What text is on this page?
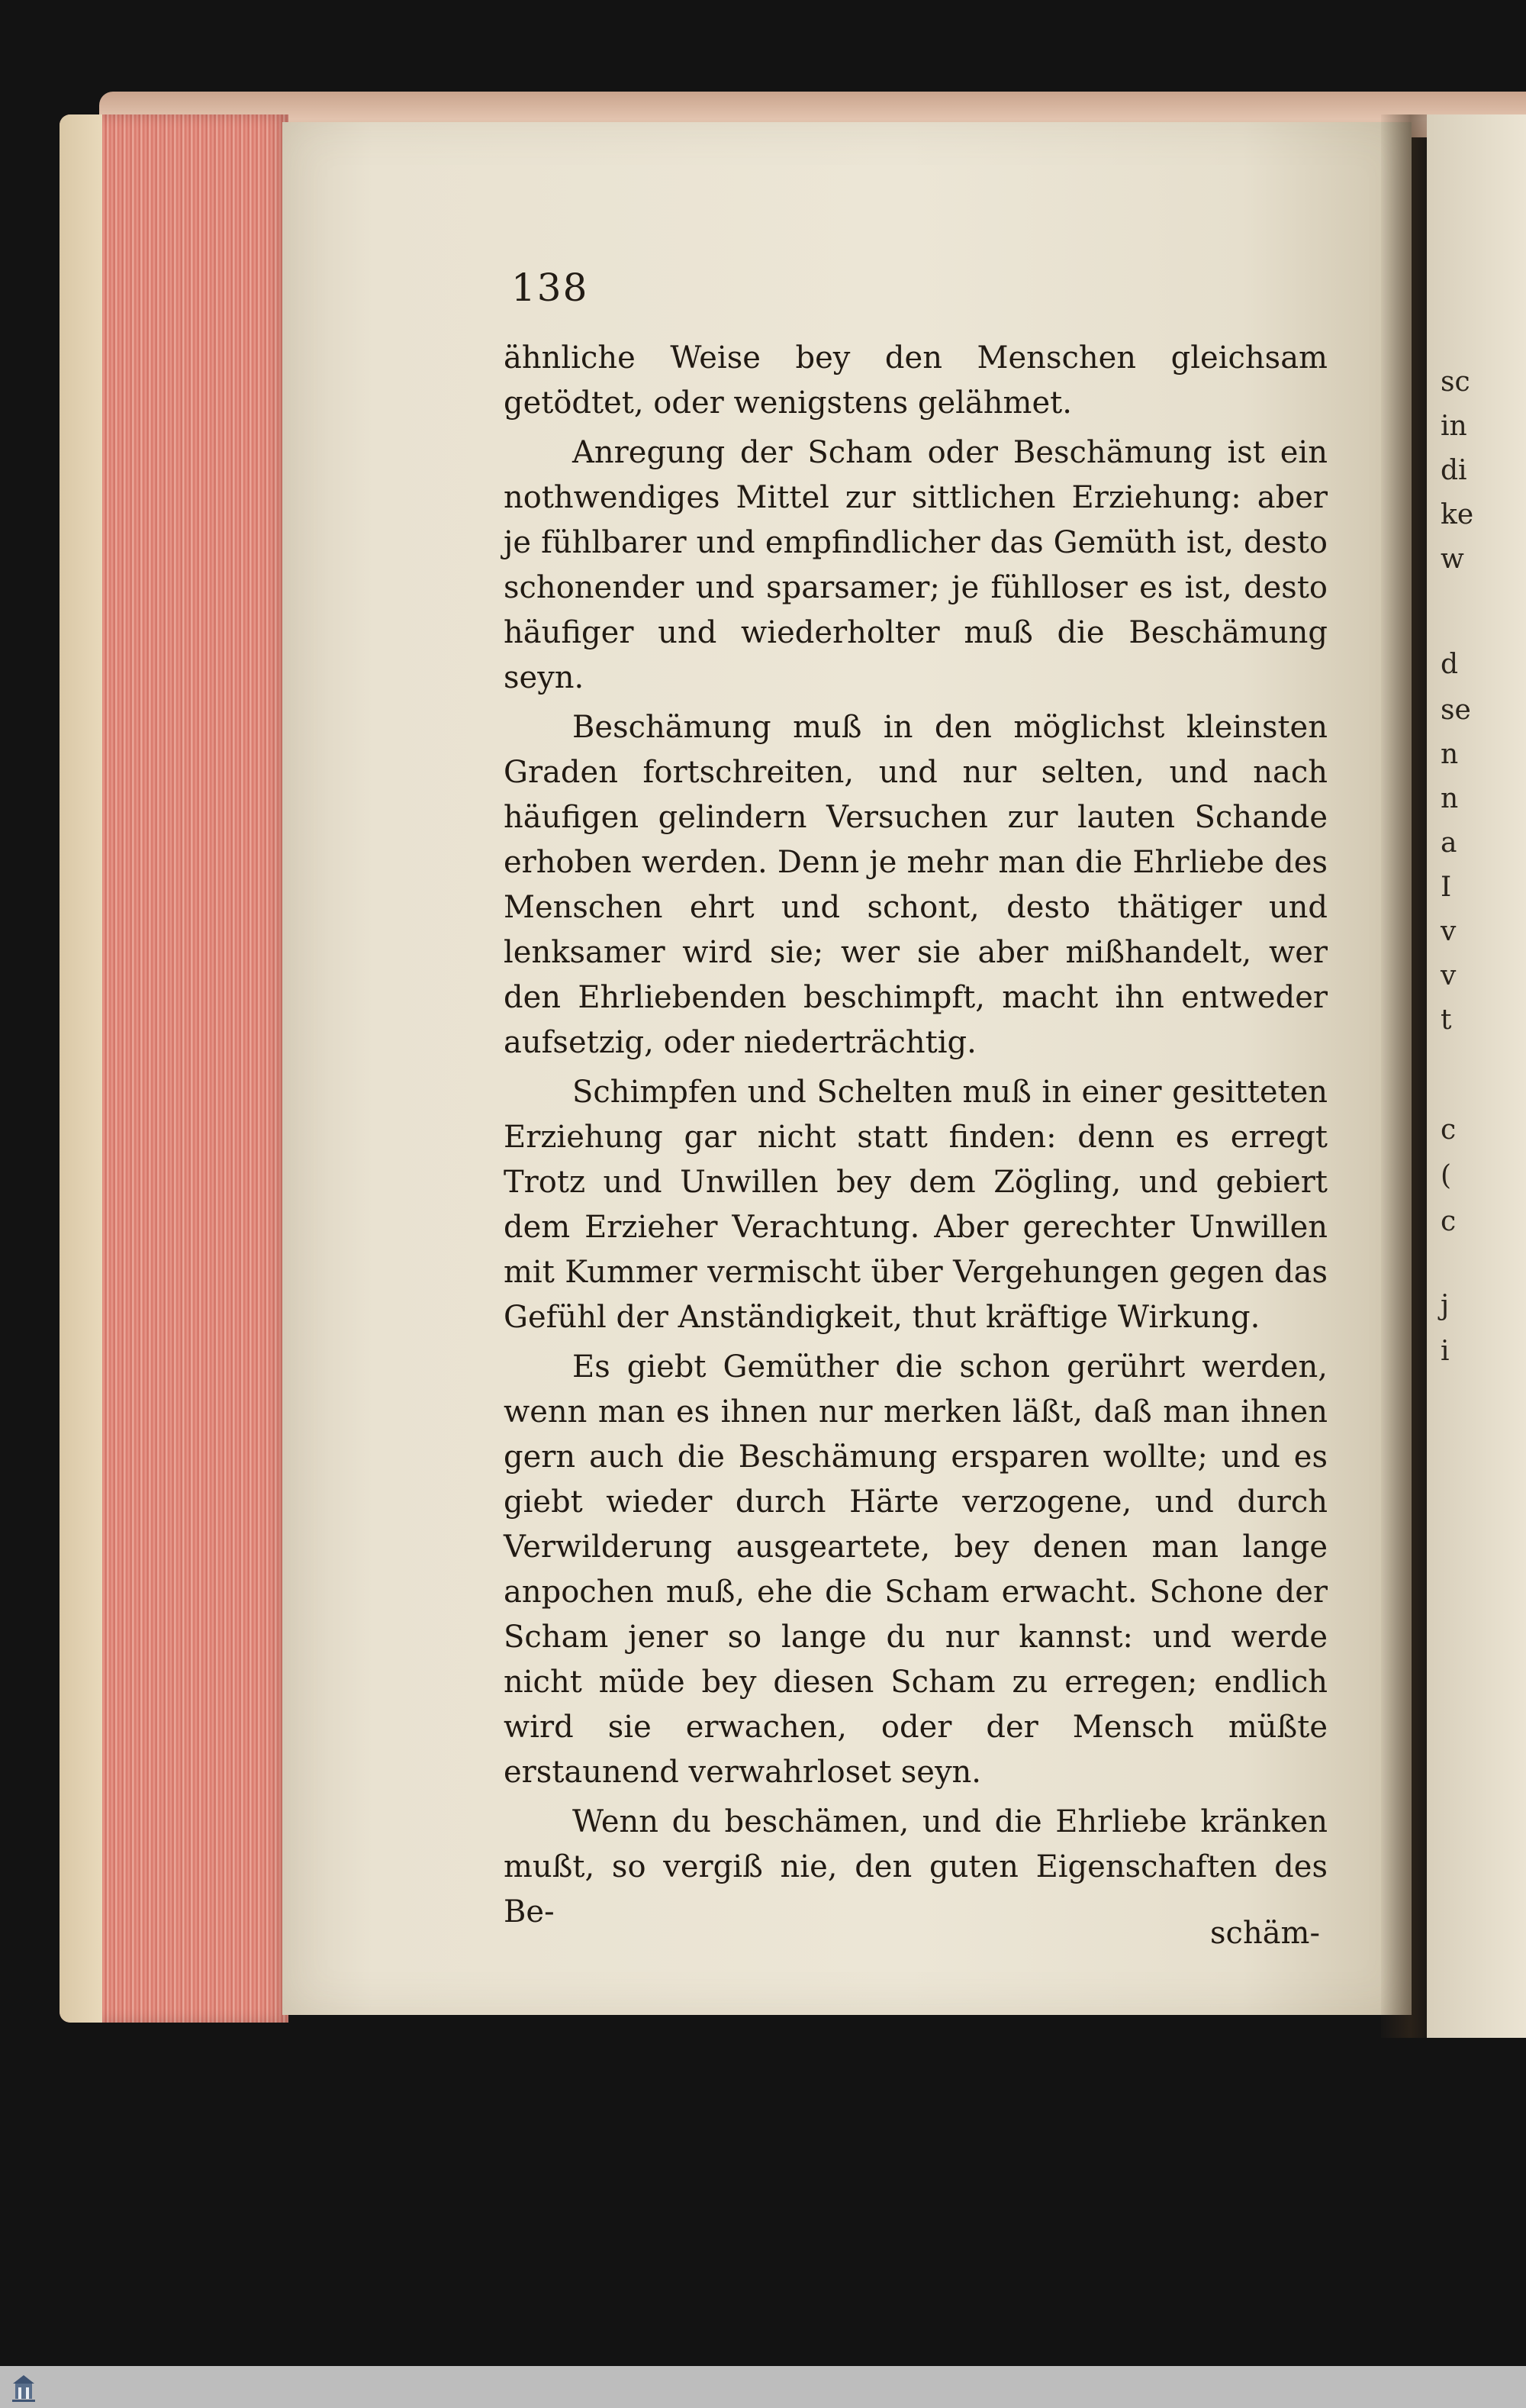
138

ähnliche Weise bey den Menschen gleichsam getödtet, oder wenigstens gelähmet.

Anregung der Scham oder Beschämung ist ein nothwendiges Mittel zur sittlichen Erziehung: aber je fühlbarer und empfindlicher das Gemüth ist, desto schonender und sparsamer; je fühlloser es ist, desto häufiger und wiederholter muß die Beschämung seyn.

Beschämung muß in den möglichst kleinsten Graden fortschreiten, und nur selten, und nach häufigen gelindern Versuchen zur lauten Schande erhoben werden. Denn je mehr man die Ehrliebe des Menschen ehrt und schont, desto thätiger und lenksamer wird sie; wer sie aber mißhandelt, wer den Ehrliebenden beschimpft, macht ihn entweder aufsetzig, oder niederträchtig.

Schimpfen und Schelten muß in einer gesitteten Erziehung gar nicht statt finden: denn es erregt Trotz und Unwillen bey dem Zögling, und gebiert dem Erzieher Verachtung. Aber gerechter Unwillen mit Kummer vermischt über Vergehungen gegen das Gefühl der Anständigkeit, thut kräftige Wirkung.

Es giebt Gemüther die schon gerührt werden, wenn man es ihnen nur merken läßt, daß man ihnen gern auch die Beschämung ersparen wollte; und es giebt wieder durch Härte verzogene, und durch Verwilderung ausgeartete, bey denen man lange anpochen muß, ehe die Scham erwacht. Schone der Scham jener so lange du nur kannst: und werde nicht müde bey diesen Scham zu erregen; endlich wird sie erwachen, oder der Mensch müßte erstaunend verwahrloset seyn.

Wenn du beschämen, und die Ehrliebe kränken mußt, so vergiß nie, den guten Eigenschaften des Be-

schäm-
sc
in
di
ke
w
d
se
n
n
a
I
v
v
t
c
(
c
j
i
